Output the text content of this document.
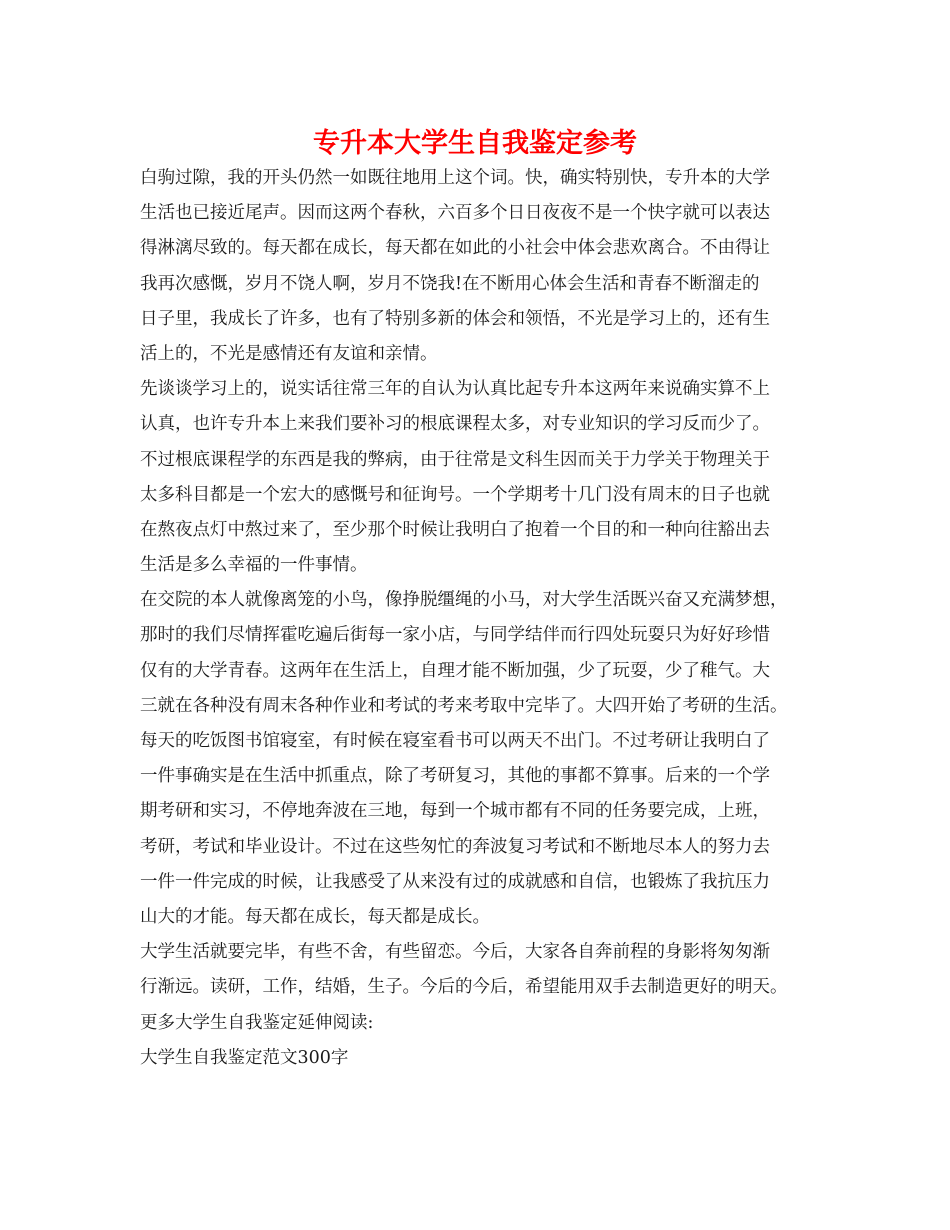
专升本大学生自我鉴定参考

白驹过隙，我的开头仍然一如既往地用上这个词。快，确实特别快，专升本的大学
生活也已接近尾声。因而这两个春秋，六百多个日日夜夜不是一个快字就可以表达
得淋漓尽致的。每天都在成长，每天都在如此的小社会中体会悲欢离合。不由得让
我再次感慨，岁月不饶人啊，岁月不饶我!在不断用心体会生活和青春不断溜走的
日子里，我成长了许多，也有了特别多新的体会和领悟，不光是学习上的，还有生
活上的，不光是感情还有友谊和亲情。

先谈谈学习上的，说实话往常三年的自认为认真比起专升本这两年来说确实算不上
认真，也许专升本上来我们要补习的根底课程太多，对专业知识的学习反而少了。
不过根底课程学的东西是我的弊病，由于往常是文科生因而关于力学关于物理关于
太多科目都是一个宏大的感慨号和征询号。一个学期考十几门没有周末的日子也就
在熬夜点灯中熬过来了，至少那个时候让我明白了抱着一个目的和一种向往豁出去
生活是多么幸福的一件事情。

在交院的本人就像离笼的小鸟，像挣脱缰绳的小马，对大学生活既兴奋又充满梦想，
那时的我们尽情挥霍吃遍后街每一家小店，与同学结伴而行四处玩耍只为好好珍惜
仅有的大学青春。这两年在生活上，自理才能不断加强，少了玩耍，少了稚气。大
三就在各种没有周末各种作业和考试的考来考取中完毕了。大四开始了考研的生活。
每天的吃饭图书馆寝室，有时候在寝室看书可以两天不出门。不过考研让我明白了
一件事确实是在生活中抓重点，除了考研复习，其他的事都不算事。后来的一个学
期考研和实习，不停地奔波在三地，每到一个城市都有不同的任务要完成，上班，
考研，考试和毕业设计。不过在这些匆忙的奔波复习考试和不断地尽本人的努力去
一件一件完成的时候，让我感受了从来没有过的成就感和自信，也锻炼了我抗压力
山大的才能。每天都在成长，每天都是成长。

大学生活就要完毕，有些不舍，有些留恋。今后，大家各自奔前程的身影将匆匆渐
行渐远。读研，工作，结婚，生子。今后的今后，希望能用双手去制造更好的明天。

更多大学生自我鉴定延伸阅读:

大学生自我鉴定范文300字
